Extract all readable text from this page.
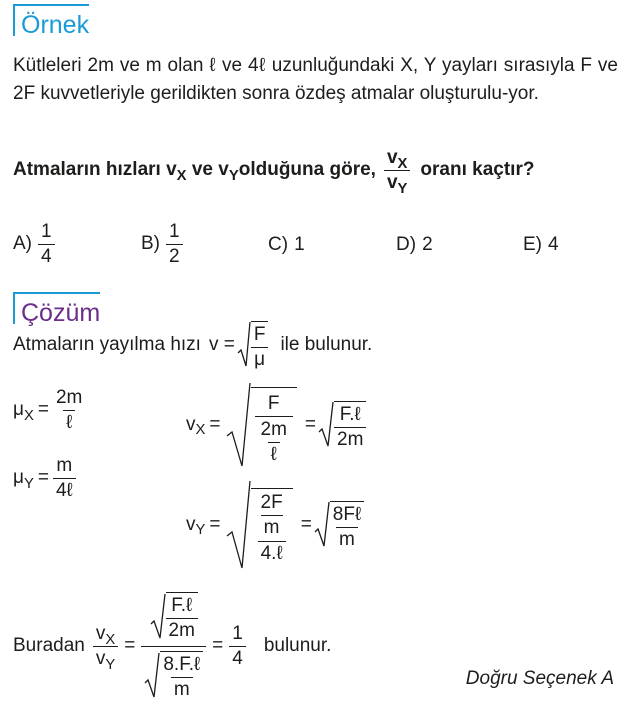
Örnek
Kütleleri 2m ve m olan ℓ ve 4ℓ uzunluğundaki X, Y yayları sırasıyla F ve 2F kuvvetleriyle gerildikten sonra özdeş atmalar oluşturulu-yor.
Atmaların hızları v X ve v Y olduğuna göre, $\frac{v_X}{v_Y}$ oranı kaçtır?
$A) \frac{1}{4}$	$B) \frac{1}{2}$	C) 1	D) 2	E) 4
Çözüm
Atmaların yayılma hızı $v = \frac{F}{\mu}$ ile bulunur.
μ $X = \frac{2m}{\text{ℓ}}$
μ $Y = \frac{m}{\text{4ℓ}}$
v $X = \frac{F}{\frac{2m}{\text{ℓ}}} = \frac{\text{F.ℓ}}{2m}$
v $Y = \frac{\frac{2F}{m}}{\text{4.ℓ}} = \frac{\text{8Fℓ}}{m}$
Buradan $\frac{v_X}{v_Y} = \frac{\frac{\text{F.ℓ}}{2m}}{\frac{\text{8.F.ℓ}}{m}} = \frac{1}{4}$ bulunur.
Doğru Seçenek A
